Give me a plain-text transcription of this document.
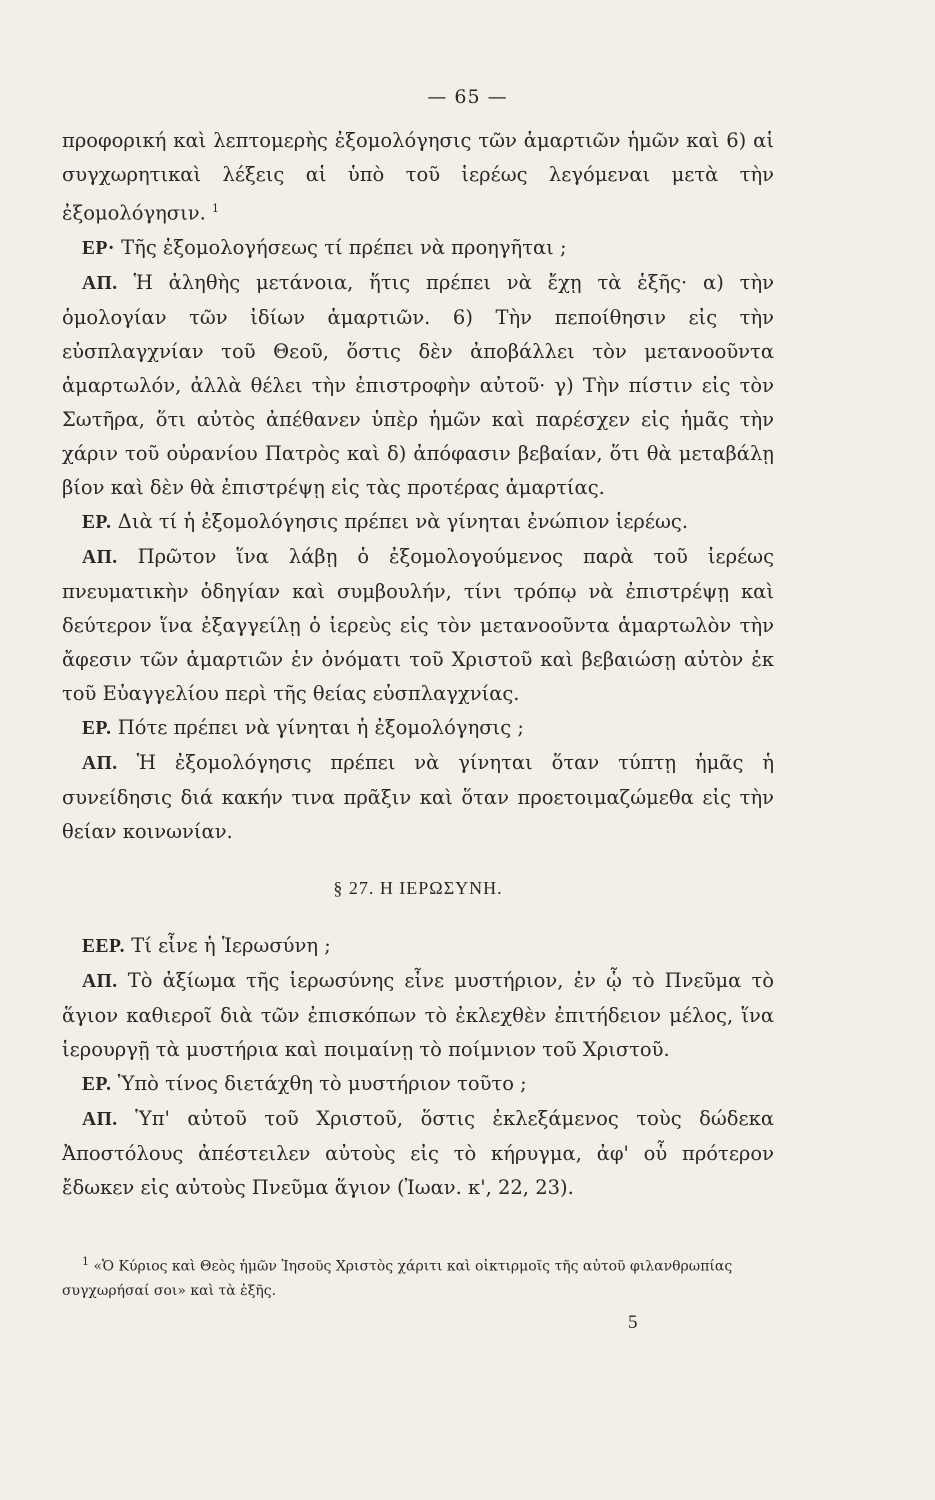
— 65 —

προφορική καὶ λεπτομερὴς ἐξομολόγησις τῶν ἁμαρτιῶν ἡμῶν καὶ 6) αἱ συγχωρητικαὶ λέξεις αἱ ὑπὸ τοῦ ἱερέως λεγόμεναι μετὰ τὴν ἐξομολόγησιν. $^1$

ΕΡ· Τῆς ἐξομολογήσεως τί πρέπει νὰ προηγῆται ;

ΑΠ. Ἡ ἀληθὴς μετάνοια, ἥτις πρέπει νὰ ἔχῃ τὰ ἑξῆς· α) τὴν ὁμολογίαν τῶν ἰδίων ἁμαρτιῶν. 6) Τὴν πεποίθησιν εἰς τὴν εὐσπλαγχνίαν τοῦ Θεοῦ, ὅστις δὲν ἀποβάλλει τὸν μετανοοῦντα ἁμαρτωλόν, ἀλλὰ θέλει τὴν ἐπιστροφὴν αὐτοῦ· γ) Τὴν πίστιν εἰς τὸν Σωτῆρα, ὅτι αὐτὸς ἀπέθανεν ὑπὲρ ἡμῶν καὶ παρέσχεν εἰς ἡμᾶς τὴν χάριν τοῦ οὐρανίου Πατρὸς καὶ δ) ἀπόφασιν βεβαίαν, ὅτι θὰ μεταβάλῃ βίον καὶ δὲν θὰ ἐπιστρέψῃ εἰς τὰς προτέρας ἁμαρτίας.

ΕΡ. Διὰ τί ἡ ἐξομολόγησις πρέπει νὰ γίνηται ἐνώπιον ἱερέως.

ΑΠ. Πρῶτον ἵνα λάβῃ ὁ ἐξομολογούμενος παρὰ τοῦ ἱερέως πνευματικὴν ὁδηγίαν καὶ συμβουλήν, τίνι τρόπῳ νὰ ἐπιστρέψῃ καὶ δεύτερον ἵνα ἐξαγγείλῃ ὁ ἱερεὺς εἰς τὸν μετανοοῦντα ἁμαρτωλὸν τὴν ἄφεσιν τῶν ἁμαρτιῶν ἐν ὀνόματι τοῦ Χριστοῦ καὶ βεβαιώσῃ αὐτὸν ἐκ τοῦ Εὐαγγελίου περὶ τῆς θείας εὐσπλαγχνίας.

ΕΡ. Πότε πρέπει νὰ γίνηται ἡ ἐξομολόγησις ;

ΑΠ. Ἡ ἐξομολόγησις πρέπει νὰ γίνηται ὅταν τύπτῃ ἡμᾶς ἡ συνείδησις διά κακήν τινα πρᾶξιν καὶ ὅταν προετοιμαζώμεθα εἰς τὴν θείαν κοινωνίαν.

§ 27. Η ΙΕΡΩΣΥΝΗ.

ΕΕΡ. Τί εἶνε ἡ Ἱερωσύνη ;

ΑΠ. Τὸ ἀξίωμα τῆς ἱερωσύνης εἶνε μυστήριον, ἐν ᾧ τὸ Πνεῦμα τὸ ἅγιον καθιεροῖ διὰ τῶν ἐπισκόπων τὸ ἐκλεχθὲν ἐπιτήδειον μέλος, ἵνα ἱερουργῇ τὰ μυστήρια καὶ ποιμαίνῃ τὸ ποίμνιον τοῦ Χριστοῦ.

ΕΡ. Ὑπὸ τίνος διετάχθη τὸ μυστήριον τοῦτο ;

ΑΠ. Ὑπ' αὐτοῦ τοῦ Χριστοῦ, ὅστις ἐκλεξάμενος τοὺς δώδεκα Ἀποστόλους ἀπέστειλεν αὐτοὺς εἰς τὸ κήρυγμα, ἀφ' οὗ πρότερον ἔδωκεν εἰς αὐτοὺς Πνεῦμα ἅγιον (Ἰωαν. κ', 22, 23).

$^1$ «Ὁ Κύριος καὶ Θεὸς ἡμῶν Ἰησοῦς Χριστὸς χάριτι καὶ οἰκτιρμοῖς τῆς αὐτοῦ φιλανθρωπίας συγχωρήσαί σοι» καὶ τὰ ἑξῆς.

5
